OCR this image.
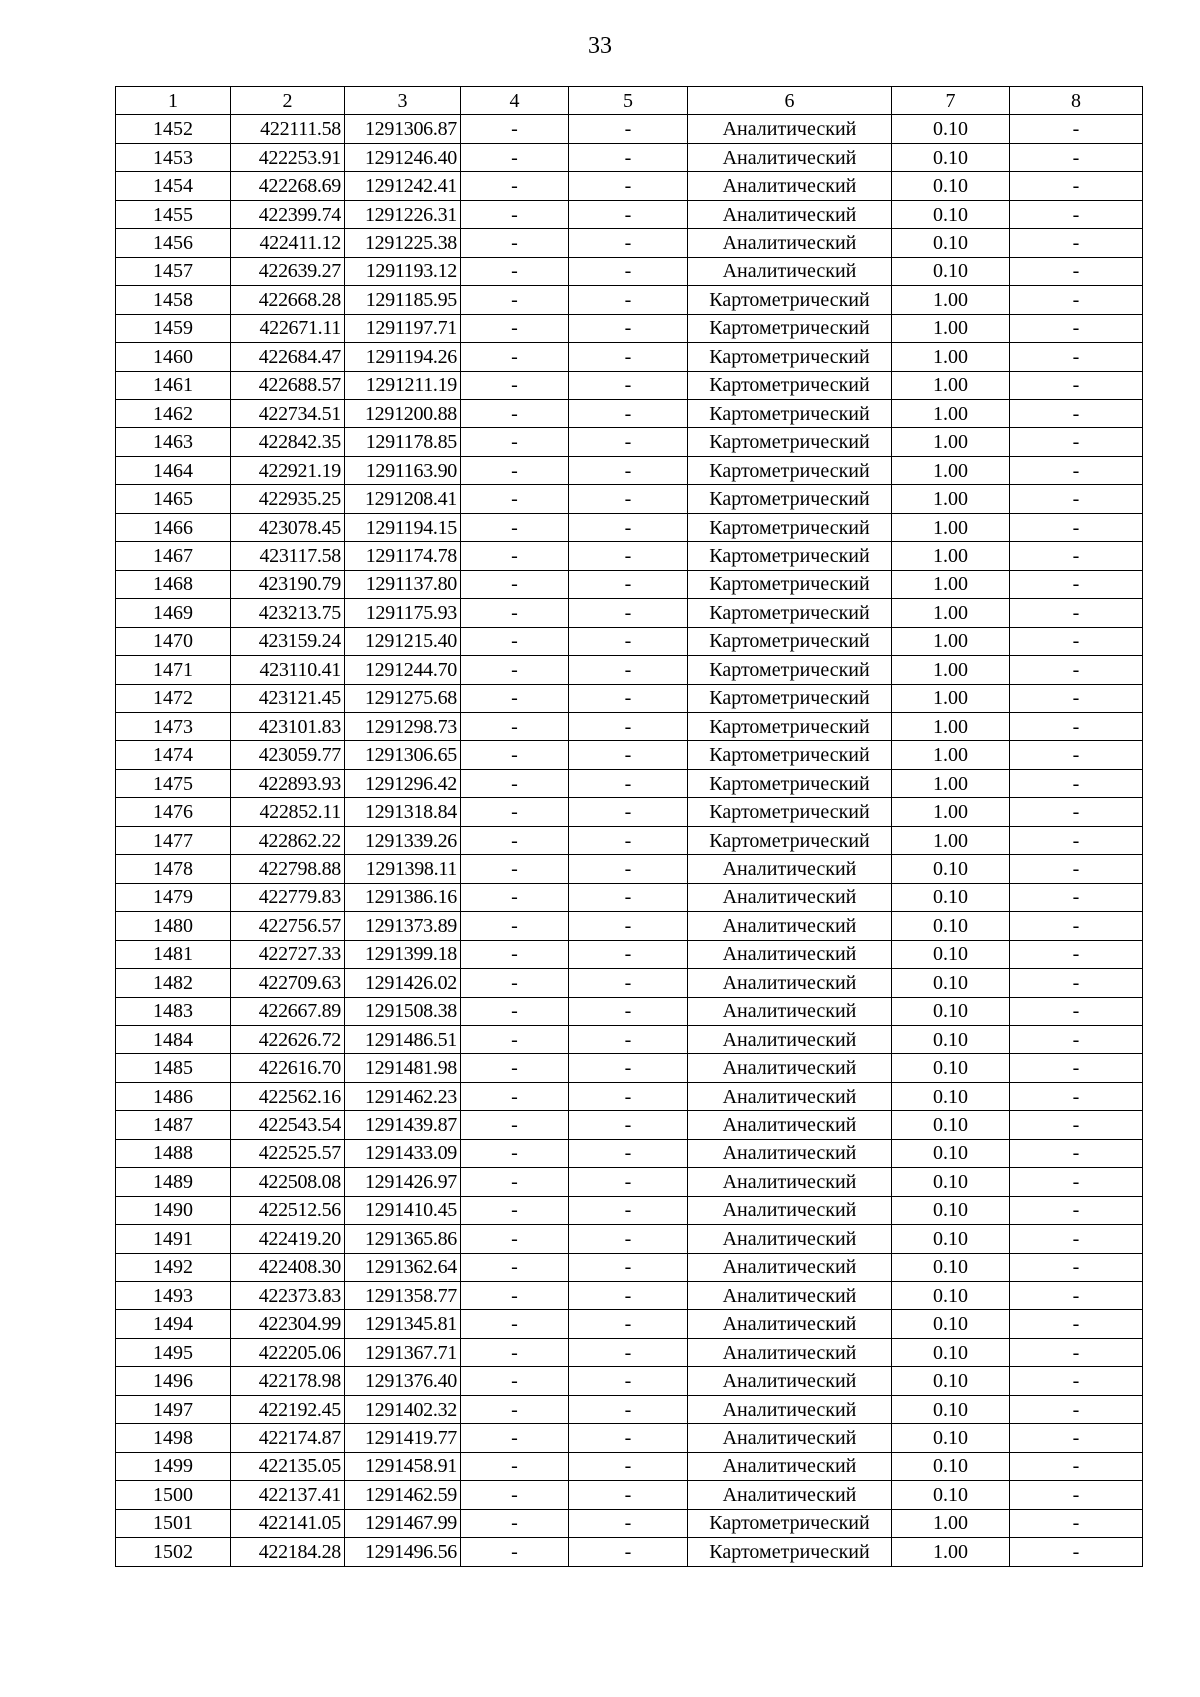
33
1	2	3	4	5	6	7	8
1452	422111.58	1291306.87	-	-	Аналитический	0.10	-
1453	422253.91	1291246.40	-	-	Аналитический	0.10	-
1454	422268.69	1291242.41	-	-	Аналитический	0.10	-
1455	422399.74	1291226.31	-	-	Аналитический	0.10	-
1456	422411.12	1291225.38	-	-	Аналитический	0.10	-
1457	422639.27	1291193.12	-	-	Аналитический	0.10	-
1458	422668.28	1291185.95	-	-	Картометрический	1.00	-
1459	422671.11	1291197.71	-	-	Картометрический	1.00	-
1460	422684.47	1291194.26	-	-	Картометрический	1.00	-
1461	422688.57	1291211.19	-	-	Картометрический	1.00	-
1462	422734.51	1291200.88	-	-	Картометрический	1.00	-
1463	422842.35	1291178.85	-	-	Картометрический	1.00	-
1464	422921.19	1291163.90	-	-	Картометрический	1.00	-
1465	422935.25	1291208.41	-	-	Картометрический	1.00	-
1466	423078.45	1291194.15	-	-	Картометрический	1.00	-
1467	423117.58	1291174.78	-	-	Картометрический	1.00	-
1468	423190.79	1291137.80	-	-	Картометрический	1.00	-
1469	423213.75	1291175.93	-	-	Картометрический	1.00	-
1470	423159.24	1291215.40	-	-	Картометрический	1.00	-
1471	423110.41	1291244.70	-	-	Картометрический	1.00	-
1472	423121.45	1291275.68	-	-	Картометрический	1.00	-
1473	423101.83	1291298.73	-	-	Картометрический	1.00	-
1474	423059.77	1291306.65	-	-	Картометрический	1.00	-
1475	422893.93	1291296.42	-	-	Картометрический	1.00	-
1476	422852.11	1291318.84	-	-	Картометрический	1.00	-
1477	422862.22	1291339.26	-	-	Картометрический	1.00	-
1478	422798.88	1291398.11	-	-	Аналитический	0.10	-
1479	422779.83	1291386.16	-	-	Аналитический	0.10	-
1480	422756.57	1291373.89	-	-	Аналитический	0.10	-
1481	422727.33	1291399.18	-	-	Аналитический	0.10	-
1482	422709.63	1291426.02	-	-	Аналитический	0.10	-
1483	422667.89	1291508.38	-	-	Аналитический	0.10	-
1484	422626.72	1291486.51	-	-	Аналитический	0.10	-
1485	422616.70	1291481.98	-	-	Аналитический	0.10	-
1486	422562.16	1291462.23	-	-	Аналитический	0.10	-
1487	422543.54	1291439.87	-	-	Аналитический	0.10	-
1488	422525.57	1291433.09	-	-	Аналитический	0.10	-
1489	422508.08	1291426.97	-	-	Аналитический	0.10	-
1490	422512.56	1291410.45	-	-	Аналитический	0.10	-
1491	422419.20	1291365.86	-	-	Аналитический	0.10	-
1492	422408.30	1291362.64	-	-	Аналитический	0.10	-
1493	422373.83	1291358.77	-	-	Аналитический	0.10	-
1494	422304.99	1291345.81	-	-	Аналитический	0.10	-
1495	422205.06	1291367.71	-	-	Аналитический	0.10	-
1496	422178.98	1291376.40	-	-	Аналитический	0.10	-
1497	422192.45	1291402.32	-	-	Аналитический	0.10	-
1498	422174.87	1291419.77	-	-	Аналитический	0.10	-
1499	422135.05	1291458.91	-	-	Аналитический	0.10	-
1500	422137.41	1291462.59	-	-	Аналитический	0.10	-
1501	422141.05	1291467.99	-	-	Картометрический	1.00	-
1502	422184.28	1291496.56	-	-	Картометрический	1.00	-
